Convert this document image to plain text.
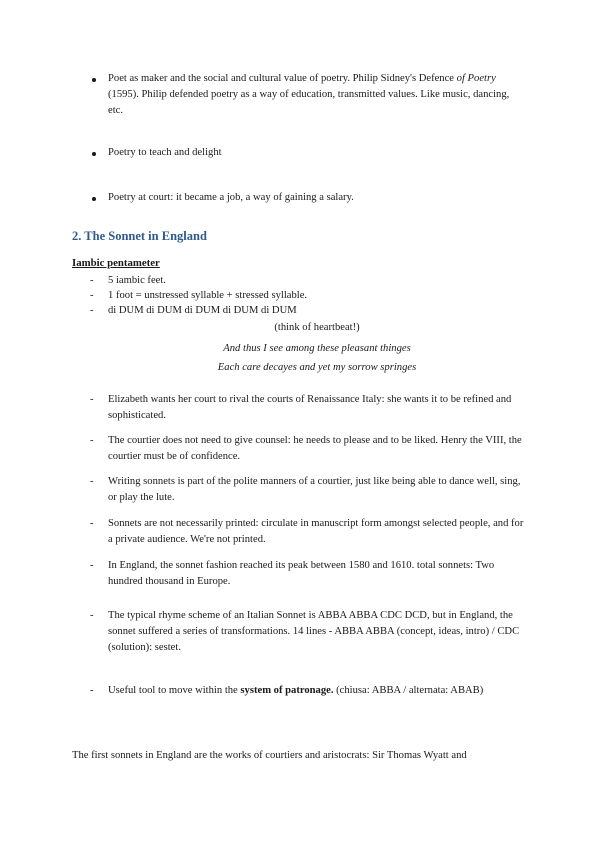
Poet as maker and the social and cultural value of poetry. Philip Sidney's Defence of Poetry (1595). Philip defended poetry as a way of education, transmitted values. Like music, dancing, etc.
Poetry to teach and delight
Poetry at court: it became a job, a way of gaining a salary.
2. The Sonnet in England
Iambic pentameter
- 5 iambic feet.
- 1 foot = unstressed syllable + stressed syllable.
- di DUM di DUM di DUM di DUM di DUM
(think of heartbeat!)
And thus I see among these pleasant thinges
Each care decayes and yet my sorrow springes
- Elizabeth wants her court to rival the courts of Renaissance Italy: she wants it to be refined and sophisticated.
- The courtier does not need to give counsel: he needs to please and to be liked. Henry the VIII, the courtier must be of confidence.
- Writing sonnets is part of the polite manners of a courtier, just like being able to dance well, sing, or play the lute.
- Sonnets are not necessarily printed: circulate in manuscript form amongst selected people, and for a private audience. We're not printed.
- In England, the sonnet fashion reached its peak between 1580 and 1610. total sonnets: Two hundred thousand in Europe.
- The typical rhyme scheme of an Italian Sonnet is ABBA ABBA CDC DCD, but in England, the sonnet suffered a series of transformations. 14 lines - ABBA ABBA (concept, ideas, intro) / CDC (solution): sestet.
- Useful tool to move within the system of patronage. (chiusa: ABBA / alternata: ABAB)
The first sonnets in England are the works of courtiers and aristocrats: Sir Thomas Wyatt and
